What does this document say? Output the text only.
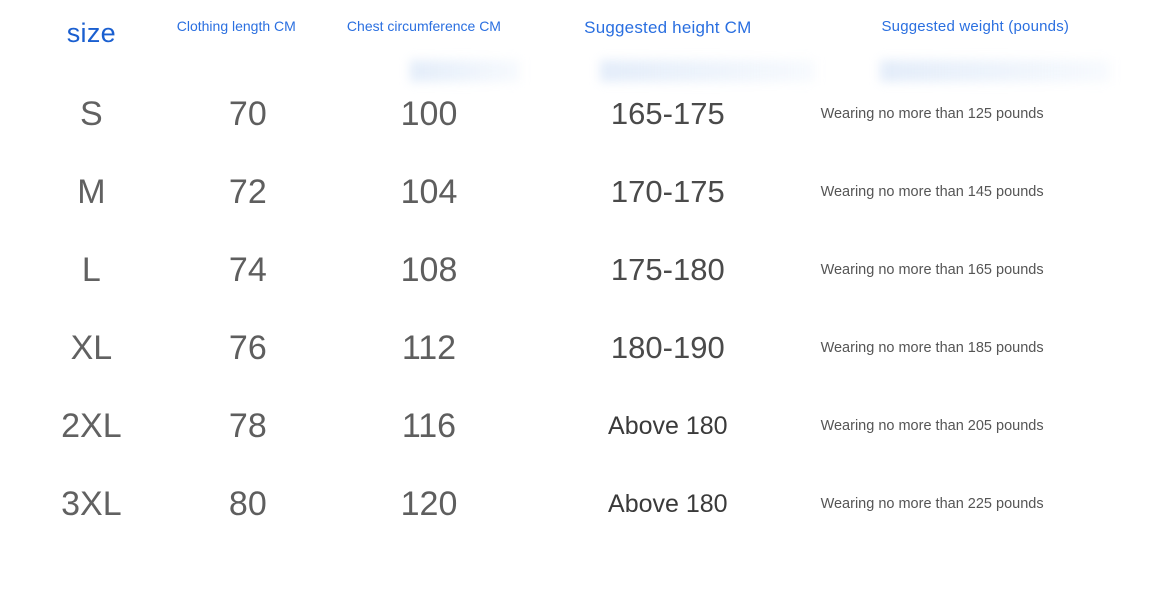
size	Clothing length CM	Chest circumference CM	Suggested height CM	Suggested weight (pounds)
S	70	100	165-175	Wearing no more than 125 pounds
M	72	104	170-175	Wearing no more than 145 pounds
L	74	108	175-180	Wearing no more than 165 pounds
XL	76	112	180-190	Wearing no more than 185 pounds
2XL	78	116	Above 180	Wearing no more than 205 pounds
3XL	80	120	Above 180	Wearing no more than 225 pounds
